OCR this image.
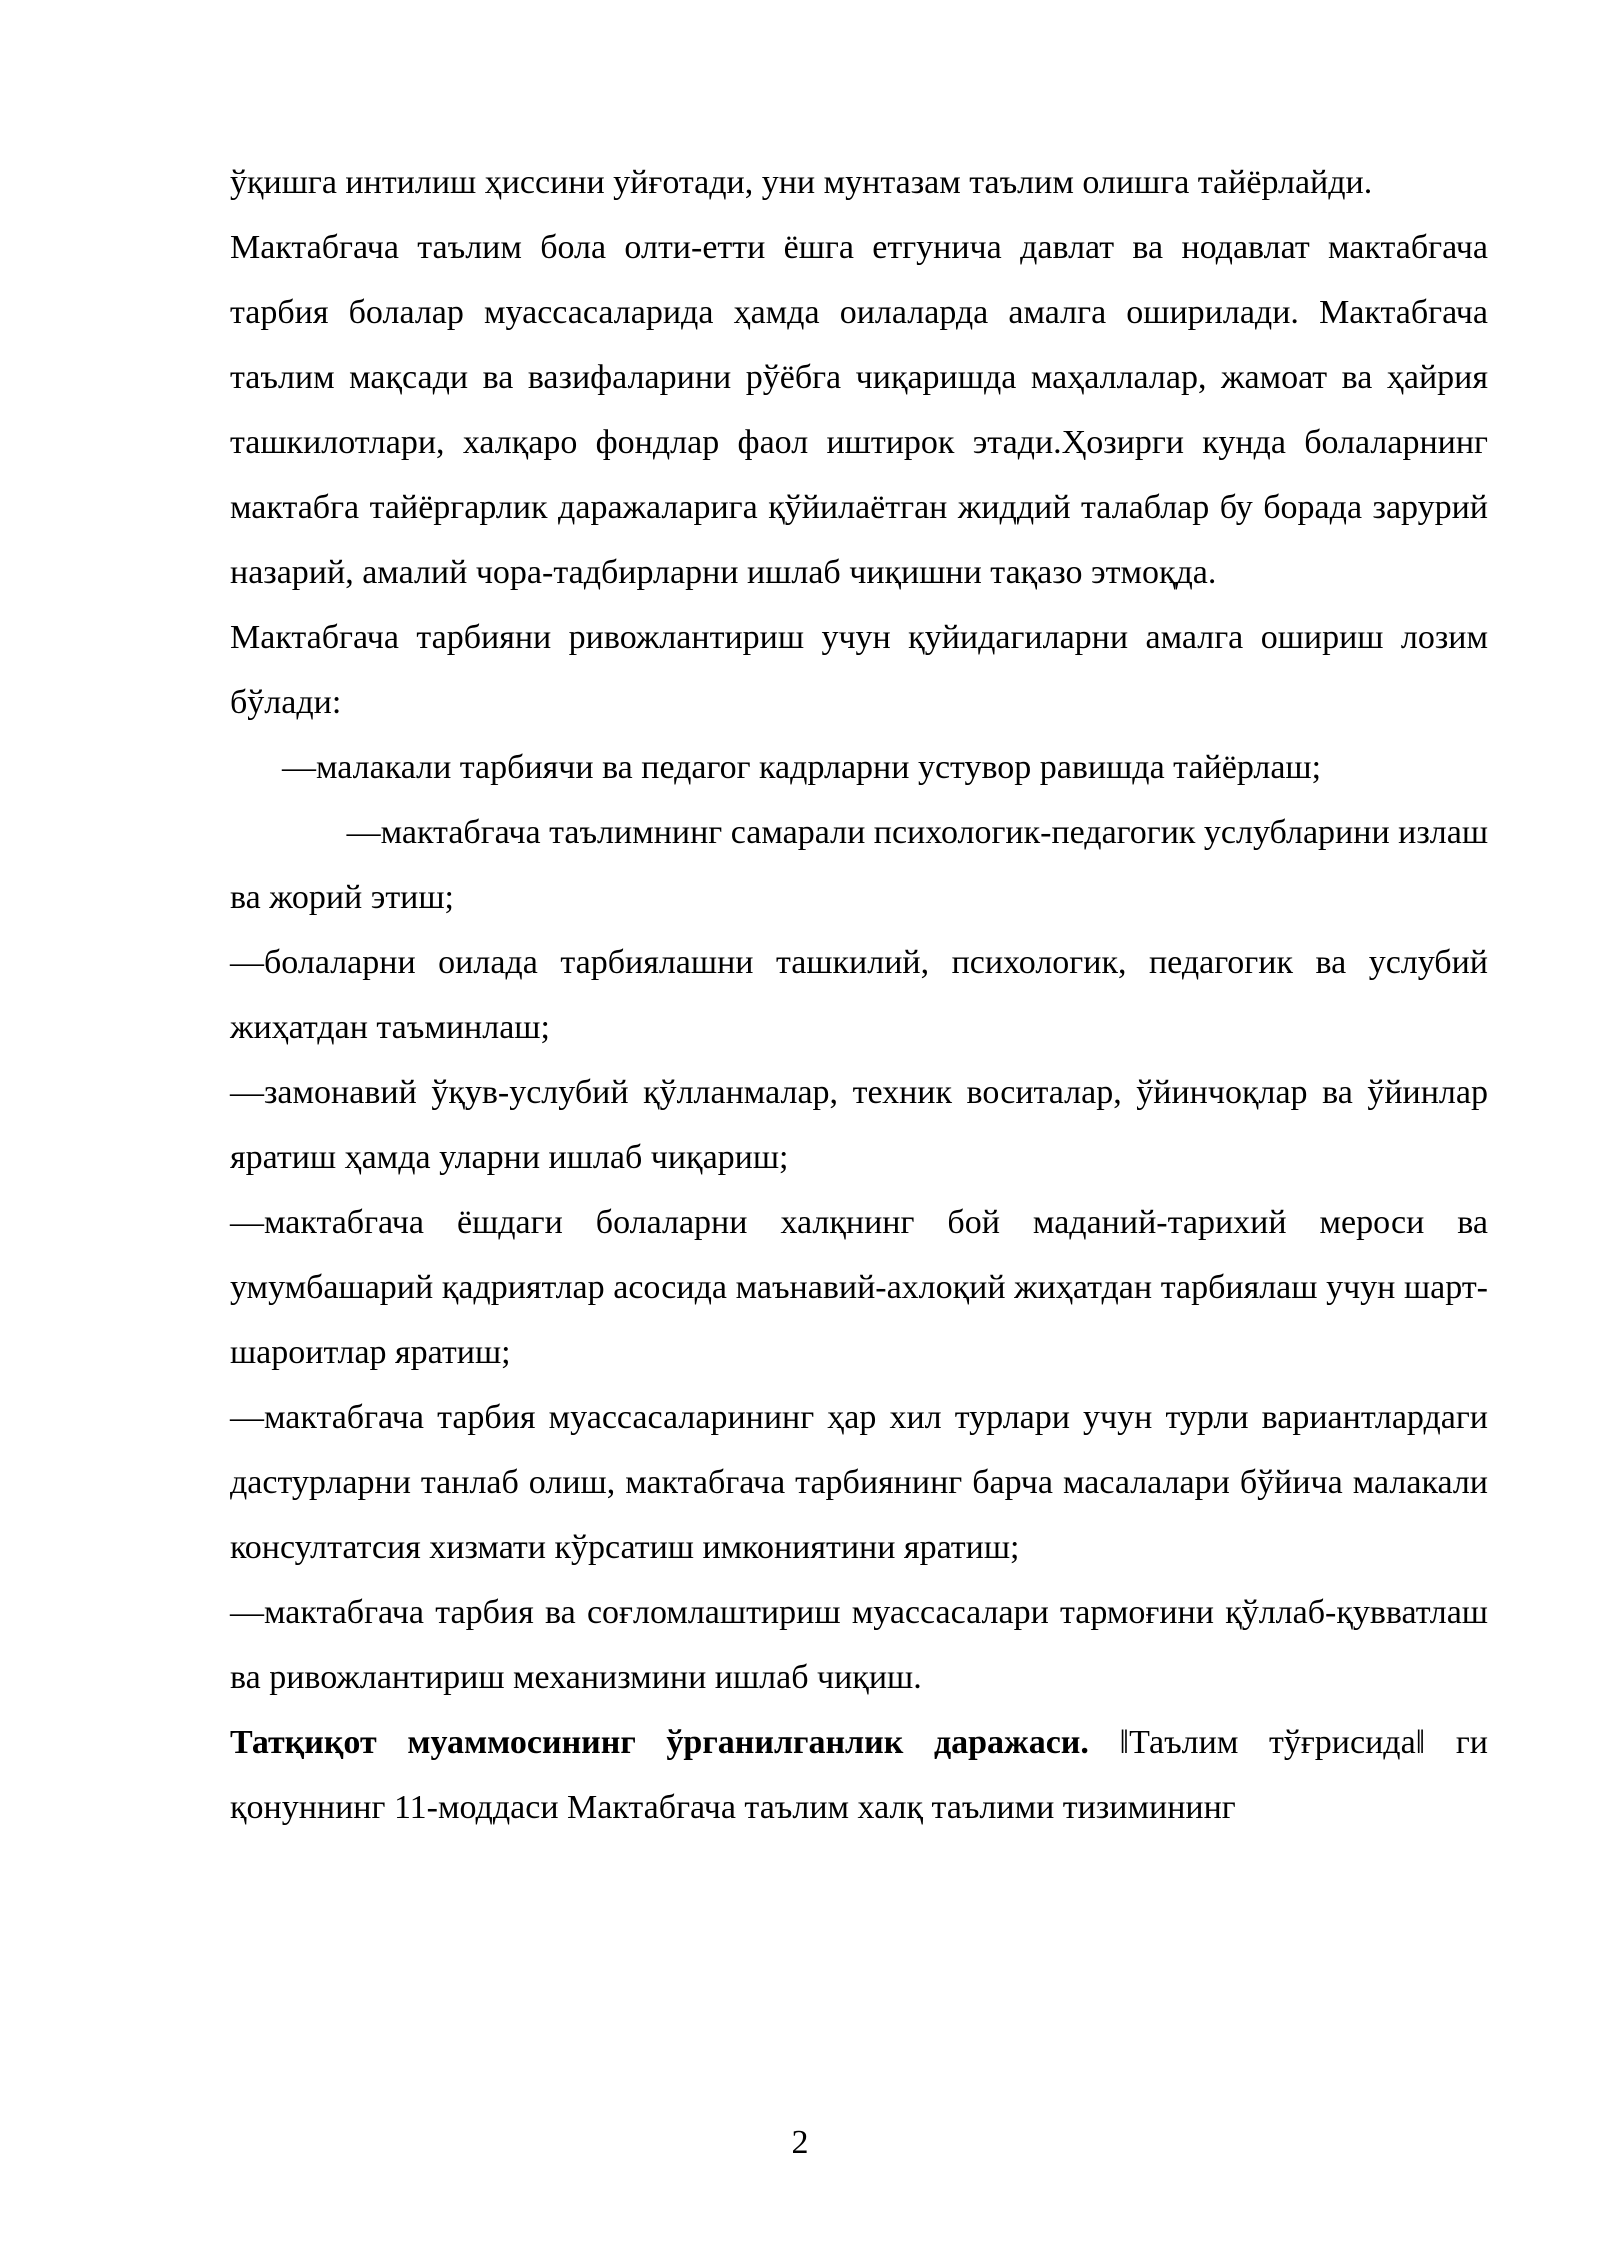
ўқишга интилиш ҳиссини уйғотади, уни мунтазам таълим олишга тайёрлайди.

Мактабгача таълим бола олти-етти ёшга етгунича давлат ва нодавлат мактабгача тарбия болалар муассасаларида ҳамда оилаларда амалга оширилади. Мактабгача таълим мақсади ва вазифаларини рўёбга чиқаришда маҳаллалар, жамоат ва ҳайрия ташкилотлари, халқаро фондлар фаол иштирок этади.Ҳозирги кунда болаларнинг мактабга тайёргарлик даражаларига қўйилаётган жиддий талаблар бу борада зарурий назарий, амалий чора-тадбирларни ишлаб чиқишни тақазо этмоқда.

Мактабгача тарбияни ривожлантириш учун қуйидагиларни амалга ошириш лозим бўлади:

—малакали тарбиячи ва педагог кадрларни устувор равишда тайёрлаш;

—мактабгача таълимнинг самарали психологик-педагогик услубларини излаш

ва жорий этиш;

—болаларни оилада тарбиялашни ташкилий, психологик, педагогик ва услубий жиҳатдан таъминлаш;

—замонавий ўқув-услубий қўлланмалар, техник воситалар, ўйинчоқлар ва ўйинлар яратиш ҳамда уларни ишлаб чиқариш;

—мактабгача ёшдаги болаларни халқнинг бой маданий-тарихий мероси ва умумбашарий қадриятлар асосида маънавий-ахлоқий жиҳатдан тарбиялаш учун шарт-шароитлар яратиш;

—мактабгача тарбия муассасаларининг ҳар хил турлари учун турли вариантлардаги дастурларни танлаб олиш, мактабгача тарбиянинг барча масалалари бўйича малакали консултатсия хизмати кўрсатиш имкониятини яратиш;

—мактабгача тарбия ва соғломлаштириш муассасалари тармоғини қўллаб-қувватлаш ва ривожлантириш механизмини ишлаб чиқиш.

Татқиқот муаммосининг ўрганилганлик даражаси. ‖Таълим тўғрисида‖ ги қонуннинг 11-моддаси Мактабгача таълим халқ таълими тизимининг

2
